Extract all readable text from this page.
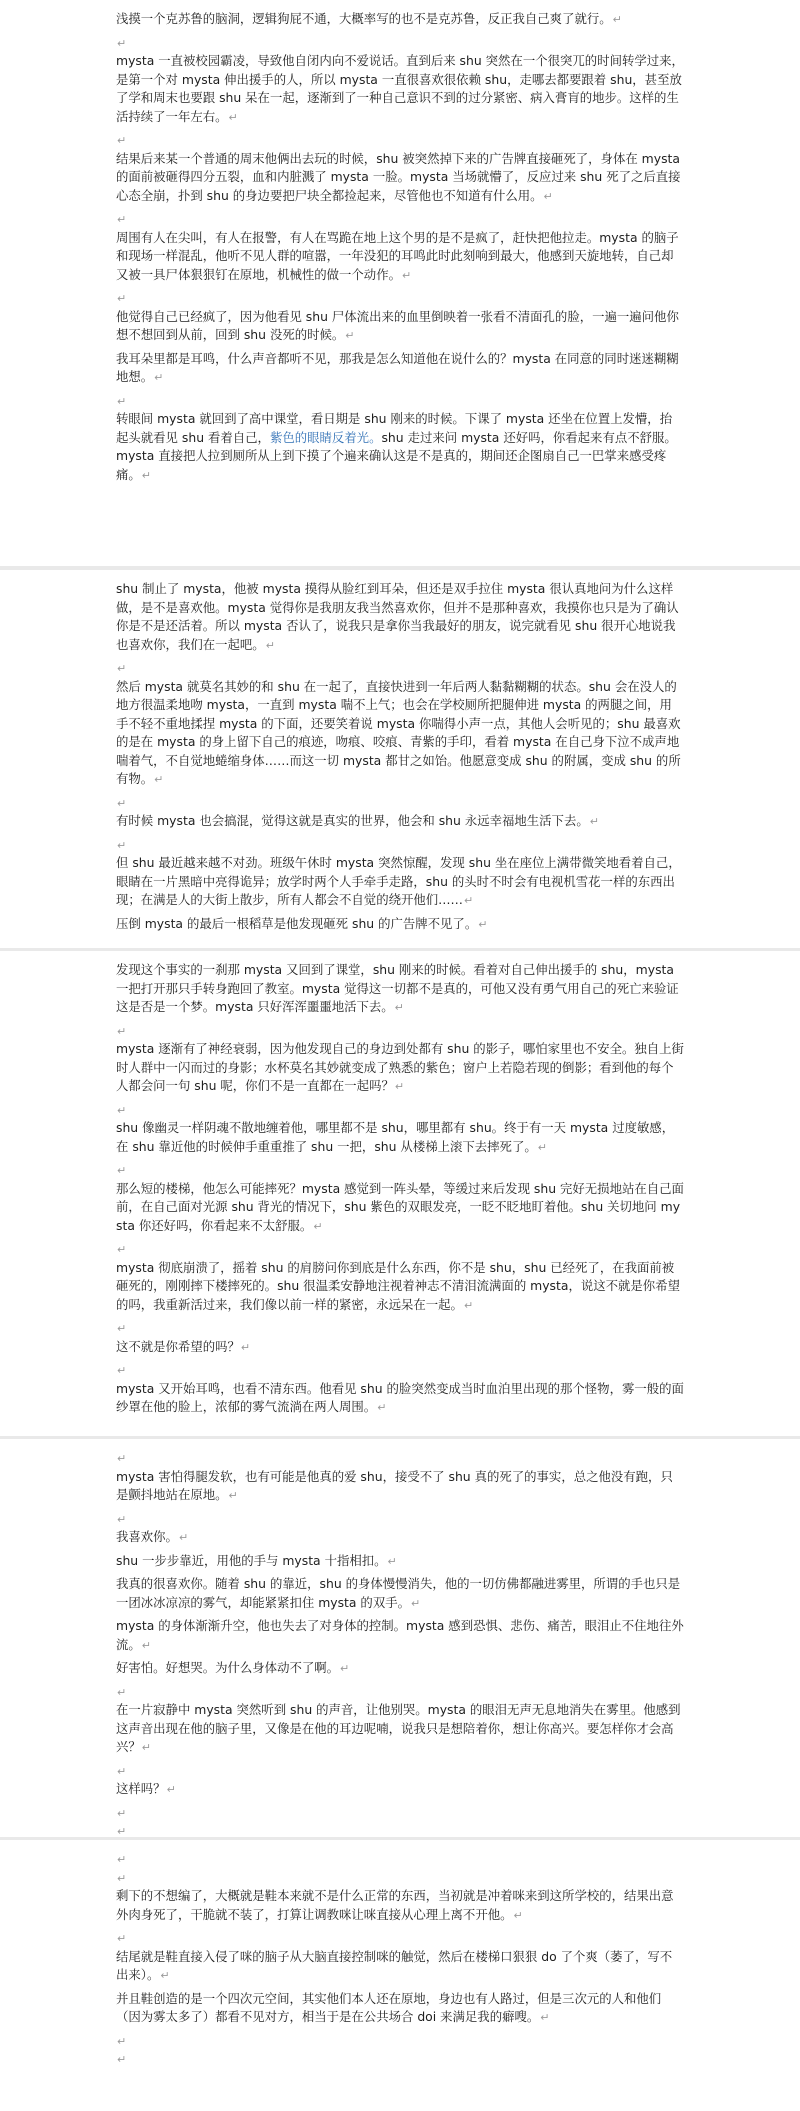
浅摸一个克苏鲁的脑洞，逻辑狗屁不通，大概率写的也不是克苏鲁，反正我自己爽了就行。↵
↵
mysta 一直被校园霸凌，导致他自闭内向不爱说话。直到后来 shu 突然在一个很突兀的时间转学过来，是第一个对 mysta 伸出援手的人，所以 mysta 一直很喜欢很依赖 shu，走哪去都要跟着 shu，甚至放了学和周末也要跟 shu 呆在一起，逐渐到了一种自己意识不到的过分紧密、病入膏肓的地步。这样的生活持续了一年左右。↵
↵
结果后来某一个普通的周末他俩出去玩的时候，shu 被突然掉下来的广告牌直接砸死了，身体在 mysta 的面前被砸得四分五裂，血和内脏溅了 mysta 一脸。mysta 当场就懵了，反应过来 shu 死了之后直接心态全崩，扑到 shu 的身边要把尸块全都捡起来，尽管他也不知道有什么用。↵
↵
周围有人在尖叫，有人在报警，有人在骂跪在地上这个男的是不是疯了，赶快把他拉走。mysta 的脑子和现场一样混乱，他听不见人群的喧嚣，一年没犯的耳鸣此时此刻响到最大，他感到天旋地转，自己却又被一具尸体狠狠钉在原地，机械性的做一个动作。↵
↵
他觉得自己已经疯了，因为他看见 shu 尸体流出来的血里倒映着一张看不清面孔的脸，一遍一遍问他你想不想回到从前，回到 shu 没死的时候。↵
我耳朵里都是耳鸣，什么声音都听不见，那我是怎么知道他在说什么的？mysta 在同意的同时迷迷糊糊地想。↵
↵
转眼间 mysta 就回到了高中课堂，看日期是 shu 刚来的时候。下课了 mysta 还坐在位置上发懵，抬起头就看见 shu 看着自己，紫色的眼睛反着光。shu 走过来问 mysta 还好吗，你看起来有点不舒服。mysta 直接把人拉到厕所从上到下摸了个遍来确认这是不是真的，期间还企图扇自己一巴掌来感受疼痛。↵
shu 制止了 mysta，他被 mysta 摸得从脸红到耳朵，但还是双手拉住 mysta 很认真地问为什么这样做，是不是喜欢他。mysta 觉得你是我朋友我当然喜欢你，但并不是那种喜欢，我摸你也只是为了确认你是不是还活着。所以 mysta 否认了，说我只是拿你当我最好的朋友，说完就看见 shu 很开心地说我也喜欢你，我们在一起吧。↵
↵
然后 mysta 就莫名其妙的和 shu 在一起了，直接快进到一年后两人黏黏糊糊的状态。shu 会在没人的地方很温柔地吻 mysta，一直到 mysta 喘不上气；也会在学校厕所把腿伸进 mysta 的两腿之间，用手不轻不重地揉捏 mysta 的下面，还要笑着说 mysta 你喘得小声一点，其他人会听见的；shu 最喜欢的是在 mysta 的身上留下自己的痕迹，吻痕、咬痕、青紫的手印，看着 mysta 在自己身下泣不成声地喘着气，不自觉地蜷缩身体……而这一切 mysta 都甘之如饴。他愿意变成 shu 的附属，变成 shu 的所有物。↵
↵
有时候 mysta 也会搞混，觉得这就是真实的世界，他会和 shu 永远幸福地生活下去。↵
↵
但 shu 最近越来越不对劲。班级午休时 mysta 突然惊醒，发现 shu 坐在座位上满带微笑地看着自己，眼睛在一片黑暗中亮得诡异；放学时两个人手牵手走路，shu 的头时不时会有电视机雪花一样的东西出现；在满是人的大街上散步，所有人都会不自觉的绕开他们……↵
压倒 mysta 的最后一根稻草是他发现砸死 shu 的广告牌不见了。↵
发现这个事实的一刹那 mysta 又回到了课堂，shu 刚来的时候。看着对自己伸出援手的 shu，mysta 一把打开那只手转身跑回了教室。mysta 觉得这一切都不是真的，可他又没有勇气用自己的死亡来验证这是否是一个梦。mysta 只好浑浑噩噩地活下去。↵
↵
mysta 逐渐有了神经衰弱，因为他发现自己的身边到处都有 shu 的影子，哪怕家里也不安全。独自上街时人群中一闪而过的身影；水杯莫名其妙就变成了熟悉的紫色；窗户上若隐若现的倒影；看到他的每个人都会问一句 shu 呢，你们不是一直都在一起吗？↵
↵
shu 像幽灵一样阴魂不散地缠着他，哪里都不是 shu，哪里都有 shu。终于有一天 mysta 过度敏感，在 shu 靠近他的时候伸手重重推了 shu 一把，shu 从楼梯上滚下去摔死了。↵
↵
那么短的楼梯，他怎么可能摔死？mysta 感觉到一阵头晕，等缓过来后发现 shu 完好无损地站在自己面前，在自己面对光源 shu 背光的情况下，shu 紫色的双眼发亮，一眨不眨地盯着他。shu 关切地问 mysta 你还好吗，你看起来不太舒服。↵
↵
mysta 彻底崩溃了，摇着 shu 的肩膀问你到底是什么东西，你不是 shu，shu 已经死了，在我面前被砸死的，刚刚摔下楼摔死的。shu 很温柔安静地注视着神志不清泪流满面的 mysta，说这不就是你希望的吗，我重新活过来，我们像以前一样的紧密，永远呆在一起。↵
↵
这不就是你希望的吗？↵
↵
mysta 又开始耳鸣，也看不清东西。他看见 shu 的脸突然变成当时血泊里出现的那个怪物，雾一般的面纱罩在他的脸上，浓郁的雾气流淌在两人周围。↵
↵
mysta 害怕得腿发软，也有可能是他真的爱 shu，接受不了 shu 真的死了的事实，总之他没有跑，只是颤抖地站在原地。↵
↵
我喜欢你。↵
shu 一步步靠近，用他的手与 mysta 十指相扣。↵
我真的很喜欢你。随着 shu 的靠近，shu 的身体慢慢消失，他的一切仿佛都融进雾里，所谓的手也只是一团冰冰凉凉的雾气，却能紧紧扣住 mysta 的双手。↵
mysta 的身体渐渐升空，他也失去了对身体的控制。mysta 感到恐惧、悲伤、痛苦，眼泪止不住地往外流。↵
好害怕。好想哭。为什么身体动不了啊。↵
↵
在一片寂静中 mysta 突然听到 shu 的声音，让他别哭。mysta 的眼泪无声无息地消失在雾里。他感到这声音出现在他的脑子里，又像是在他的耳边呢喃，说我只是想陪着你，想让你高兴。要怎样你才会高兴？↵
↵
这样吗？↵
↵
↵
↵
↵
剩下的不想编了，大概就是鞋本来就不是什么正常的东西，当初就是冲着咪来到这所学校的，结果出意外肉身死了，干脆就不装了，打算让调教咪让咪直接从心理上离不开他。↵
↵
结尾就是鞋直接入侵了咪的脑子从大脑直接控制咪的触觉，然后在楼梯口狠狠 do 了个爽（萎了，写不出来）。↵
并且鞋创造的是一个四次元空间，其实他们本人还在原地，身边也有人路过，但是三次元的人和他们（因为雾太多了）都看不见对方，相当于是在公共场合 doi 来满足我的癖嗖。↵
↵
↵
